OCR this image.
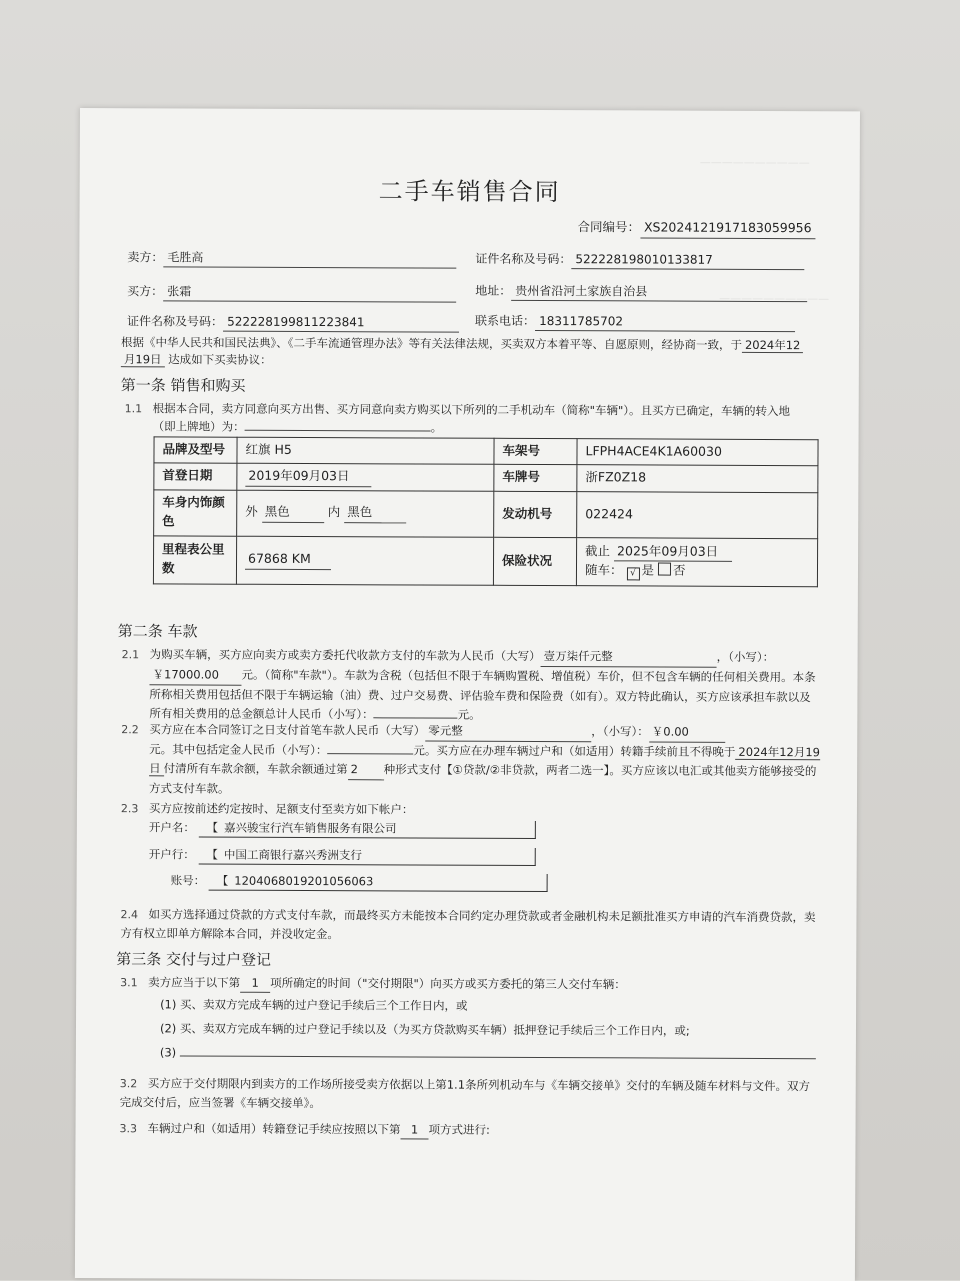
——————————
——————————
二手车销售合同
合同编号： XS2024121917183059956
卖方： 毛胜高	证件名称及号码： 522228198010133817
买方： 张霜	地址： 贵州省沿河土家族自治县
证件名称及号码： 522228199811223841	联系电话： 18311785702
根据《中华人民共和国民法典》、《二手车流通管理办法》等有关法律法规，买卖双方本着平等、自愿原则，经协商一致，于 2024年12
月19日 达成如下买卖协议：
第一条 销售和购买
1.1 根据本合同，卖方同意向买方出售、买方同意向卖方购买以下所列的二手机动车（简称"车辆"）。且买方已确定，车辆的转入地
（即上牌地）为：	。
品牌及型号	红旗 H5	车架号	LFPH4ACE4K1A60030
首登日期	2019年09月03日	车牌号	浙FZ0Z18
车身内饰颜色	外 黑色 内 黑色	发动机号	022424
里程表公里数	67868 KM	保险状况	截止 2025年09月03日
随车： √ 是 否
第二条 车款
2.1 为购买车辆，买方应向卖方或卖方委托代收款方支付的车款为人民币（大写） 壹万柒仟元整	，（小写）：
￥17000.00 元。（简称"车款"）。车款为含税（包括但不限于车辆购置税、增值税）车价，但不包含车辆的任何相关费用。本条所称相关费用包括但不限于车辆运输（油）费、过户交易费、评估验车费和保险费（如有）。双方特此确认，买方应该承担车款以及所有相关费用的总金额总计人民币（小写）：	元。
2.2 买方应在本合同签订之日支付首笔车款人民币（大写） 零元整	，（小写）： ￥0.00
元。其中包括定金人民币（小写）：	元。买方应在办理车辆过户和（如适用）转籍手续前且不得晚于 2024年12月19日 付清所有车款余额，车款余额通过第 2 种形式支付【①贷款/②非贷款，两者二选一】。买方应该以电汇或其他卖方能够接受的方式支付车款。
2.3 买方应按前述约定按时、足额支付至卖方如下帐户：
开户名： 【 嘉兴骏宝行汽车销售服务有限公司
开户行： 【 中国工商银行嘉兴秀洲支行
账号： 【 1204068019201056063
2.4 如买方选择通过贷款的方式支付车款，而最终买方未能按本合同约定办理贷款或者金融机构未足额批准买方申请的汽车消费贷款，卖方有权立即单方解除本合同，并没收定金。
第三条 交付与过户登记
3.1 卖方应当于以下第 1 项所确定的时间（"交付期限"）向买方或买方委托的第三人交付车辆：
(1) 买、卖双方完成车辆的过户登记手续后三个工作日内，或
(2) 买、卖双方完成车辆的过户登记手续以及（为买方贷款购买车辆）抵押登记手续后三个工作日内，或;
(3)
3.2 买方应于交付期限内到卖方的工作场所接受卖方依据以上第1.1条所列机动车与《车辆交接单》交付的车辆及随车材料与文件。双方完成交付后，应当签署《车辆交接单》。
3.3 车辆过户和（如适用）转籍登记手续应按照以下第 1 项方式进行:
